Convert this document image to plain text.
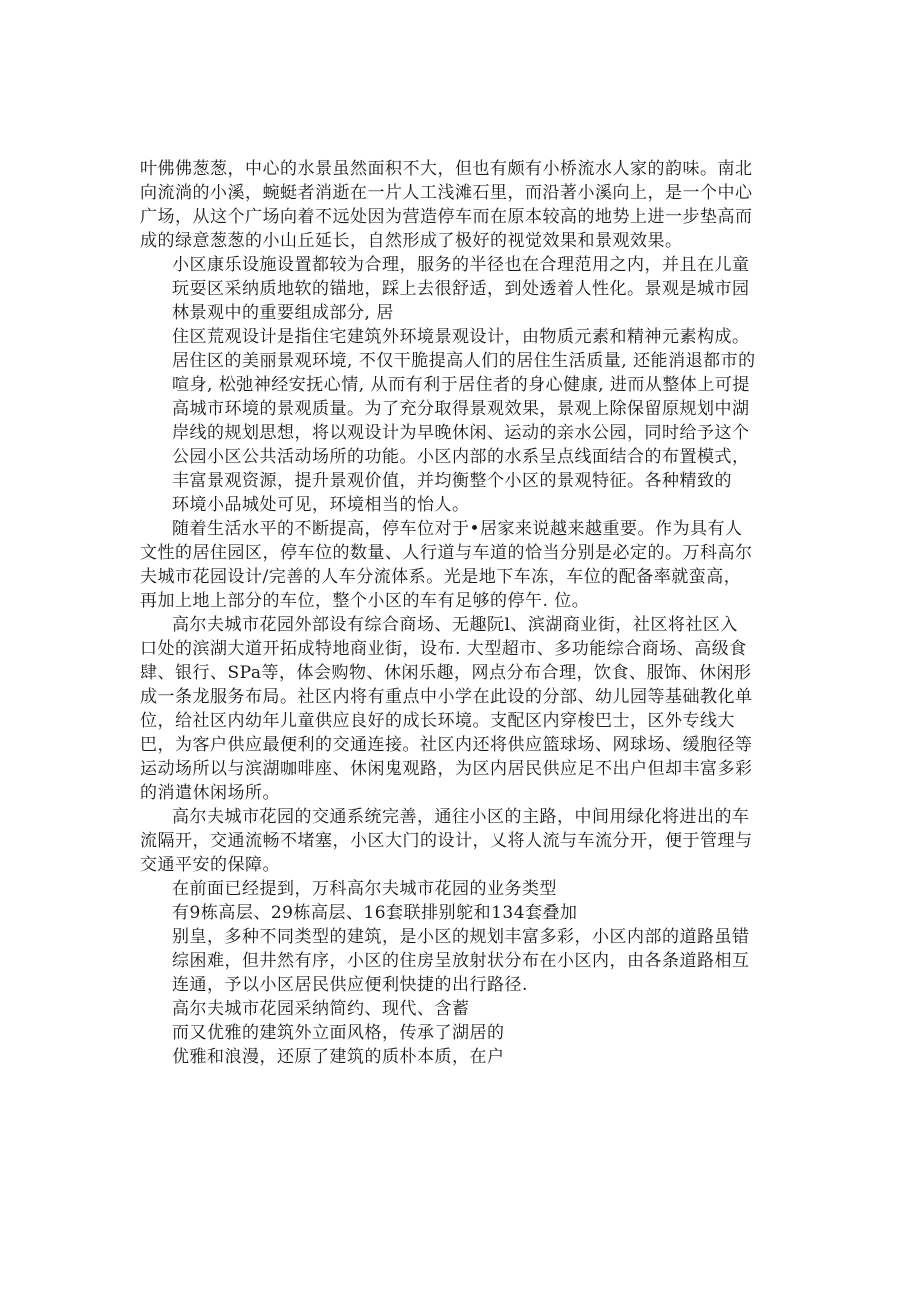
叶佛佛葱葱，中心的水景虽然面积不大，但也有颇有小桥流水人家的韵味。南北
向流淌的小溪，蜿蜓者消逝在一片人工浅滩石里，而沿著小溪向上，是一个中心
广场，从这个广场向着不远处因为营造停车而在原本较高的地势上进一步垫高而
成的绿意葱葱的小山丘延长，自然形成了极好的视觉效果和景观效果。
小区康乐设施设置都较为合理，服务的半径也在合理范用之内，并且在儿童
玩耍区采纳质地软的锚地，踩上去很舒适，到处透着人性化。景观是城市园
林景观中的重要组成部分, 居
住区荒观设计是指住宅建筑外环境景观设计，由物质元素和精神元素构成。
居住区的美丽景观环境, 不仅干脆提高人们的居住生活质量, 还能消退都市的
喧身, 松弛神经安抚心情, 从而有利于居住者的身心健康, 进而从整体上可提
高城市环境的景观质量。为了充分取得景观效果，景观上除保留原规划中湖
岸线的规划思想，将以观设计为早晚休闲、运动的亲水公园，同时给予这个
公园小区公共活动场所的功能。小区内部的水系呈点线面结合的布置模式，
丰富景观资源，提升景观价值，并均衡整个小区的景观特征。各种精致的
环境小品城处可见，环境相当的怡人。
随着生活水平的不断提高，停车位对于•居家来说越来越重要。作为具有人
文性的居住园区，停车位的数量、人行道与车道的恰当分别是必定的。万科高尔
夫城市花园设计/完善的人车分流体系。光是地下车冻，车位的配备率就蛮高，
再加上地上部分的车位，整个小区的车有足够的停午. 位。
高尔夫城市花园外部设有综合商场、无趣阮l、滨湖商业街，社区将社区入
口处的滨湖大道开拓成特地商业街，设布. 大型超市、多功能综合商场、高级食
肆、银行、SPa等，体会购物、休闲乐趣，网点分布合理，饮食、服饰、休闲形
成一条龙服务布局。社区内将有重点中小学在此设的分部、幼儿园等基础教化单
位，给社区内幼年儿童供应良好的成长环境。支配区内穿梭巴士，区外专线大
巴，为客户供应最便利的交通连接。社区内还将供应篮球场、网球场、缓胞径等
运动场所以与滨湖咖啡座、休闲鬼观路，为区内居民供应足不出户但却丰富多彩
的消遣休闲场所。
高尔夫城市花园的交通系统完善，通往小区的主路，中间用绿化将进出的车
流隔开，交通流畅不堵塞，小区大门的设计，乂将人流与车流分开，便于管理与
交通平安的保障。
在前面已经提到，万科高尔夫城市花园的业务类型
有9栋高层、29栋高层、16套联排别鸵和134套叠加
别皇，多种不同类型的建筑，是小区的规划丰富多彩，小区内部的道路虽错
综困难，但井然有序，小区的住房呈放射状分布在小区内，由各条道路相互
连通，予以小区居民供应便利快捷的出行路径.
高尔夫城市花园采纳简约、现代、含蓄
而又优雅的建筑外立面风格，传承了湖居的
优雅和浪漫，还原了建筑的质朴本质，在户
